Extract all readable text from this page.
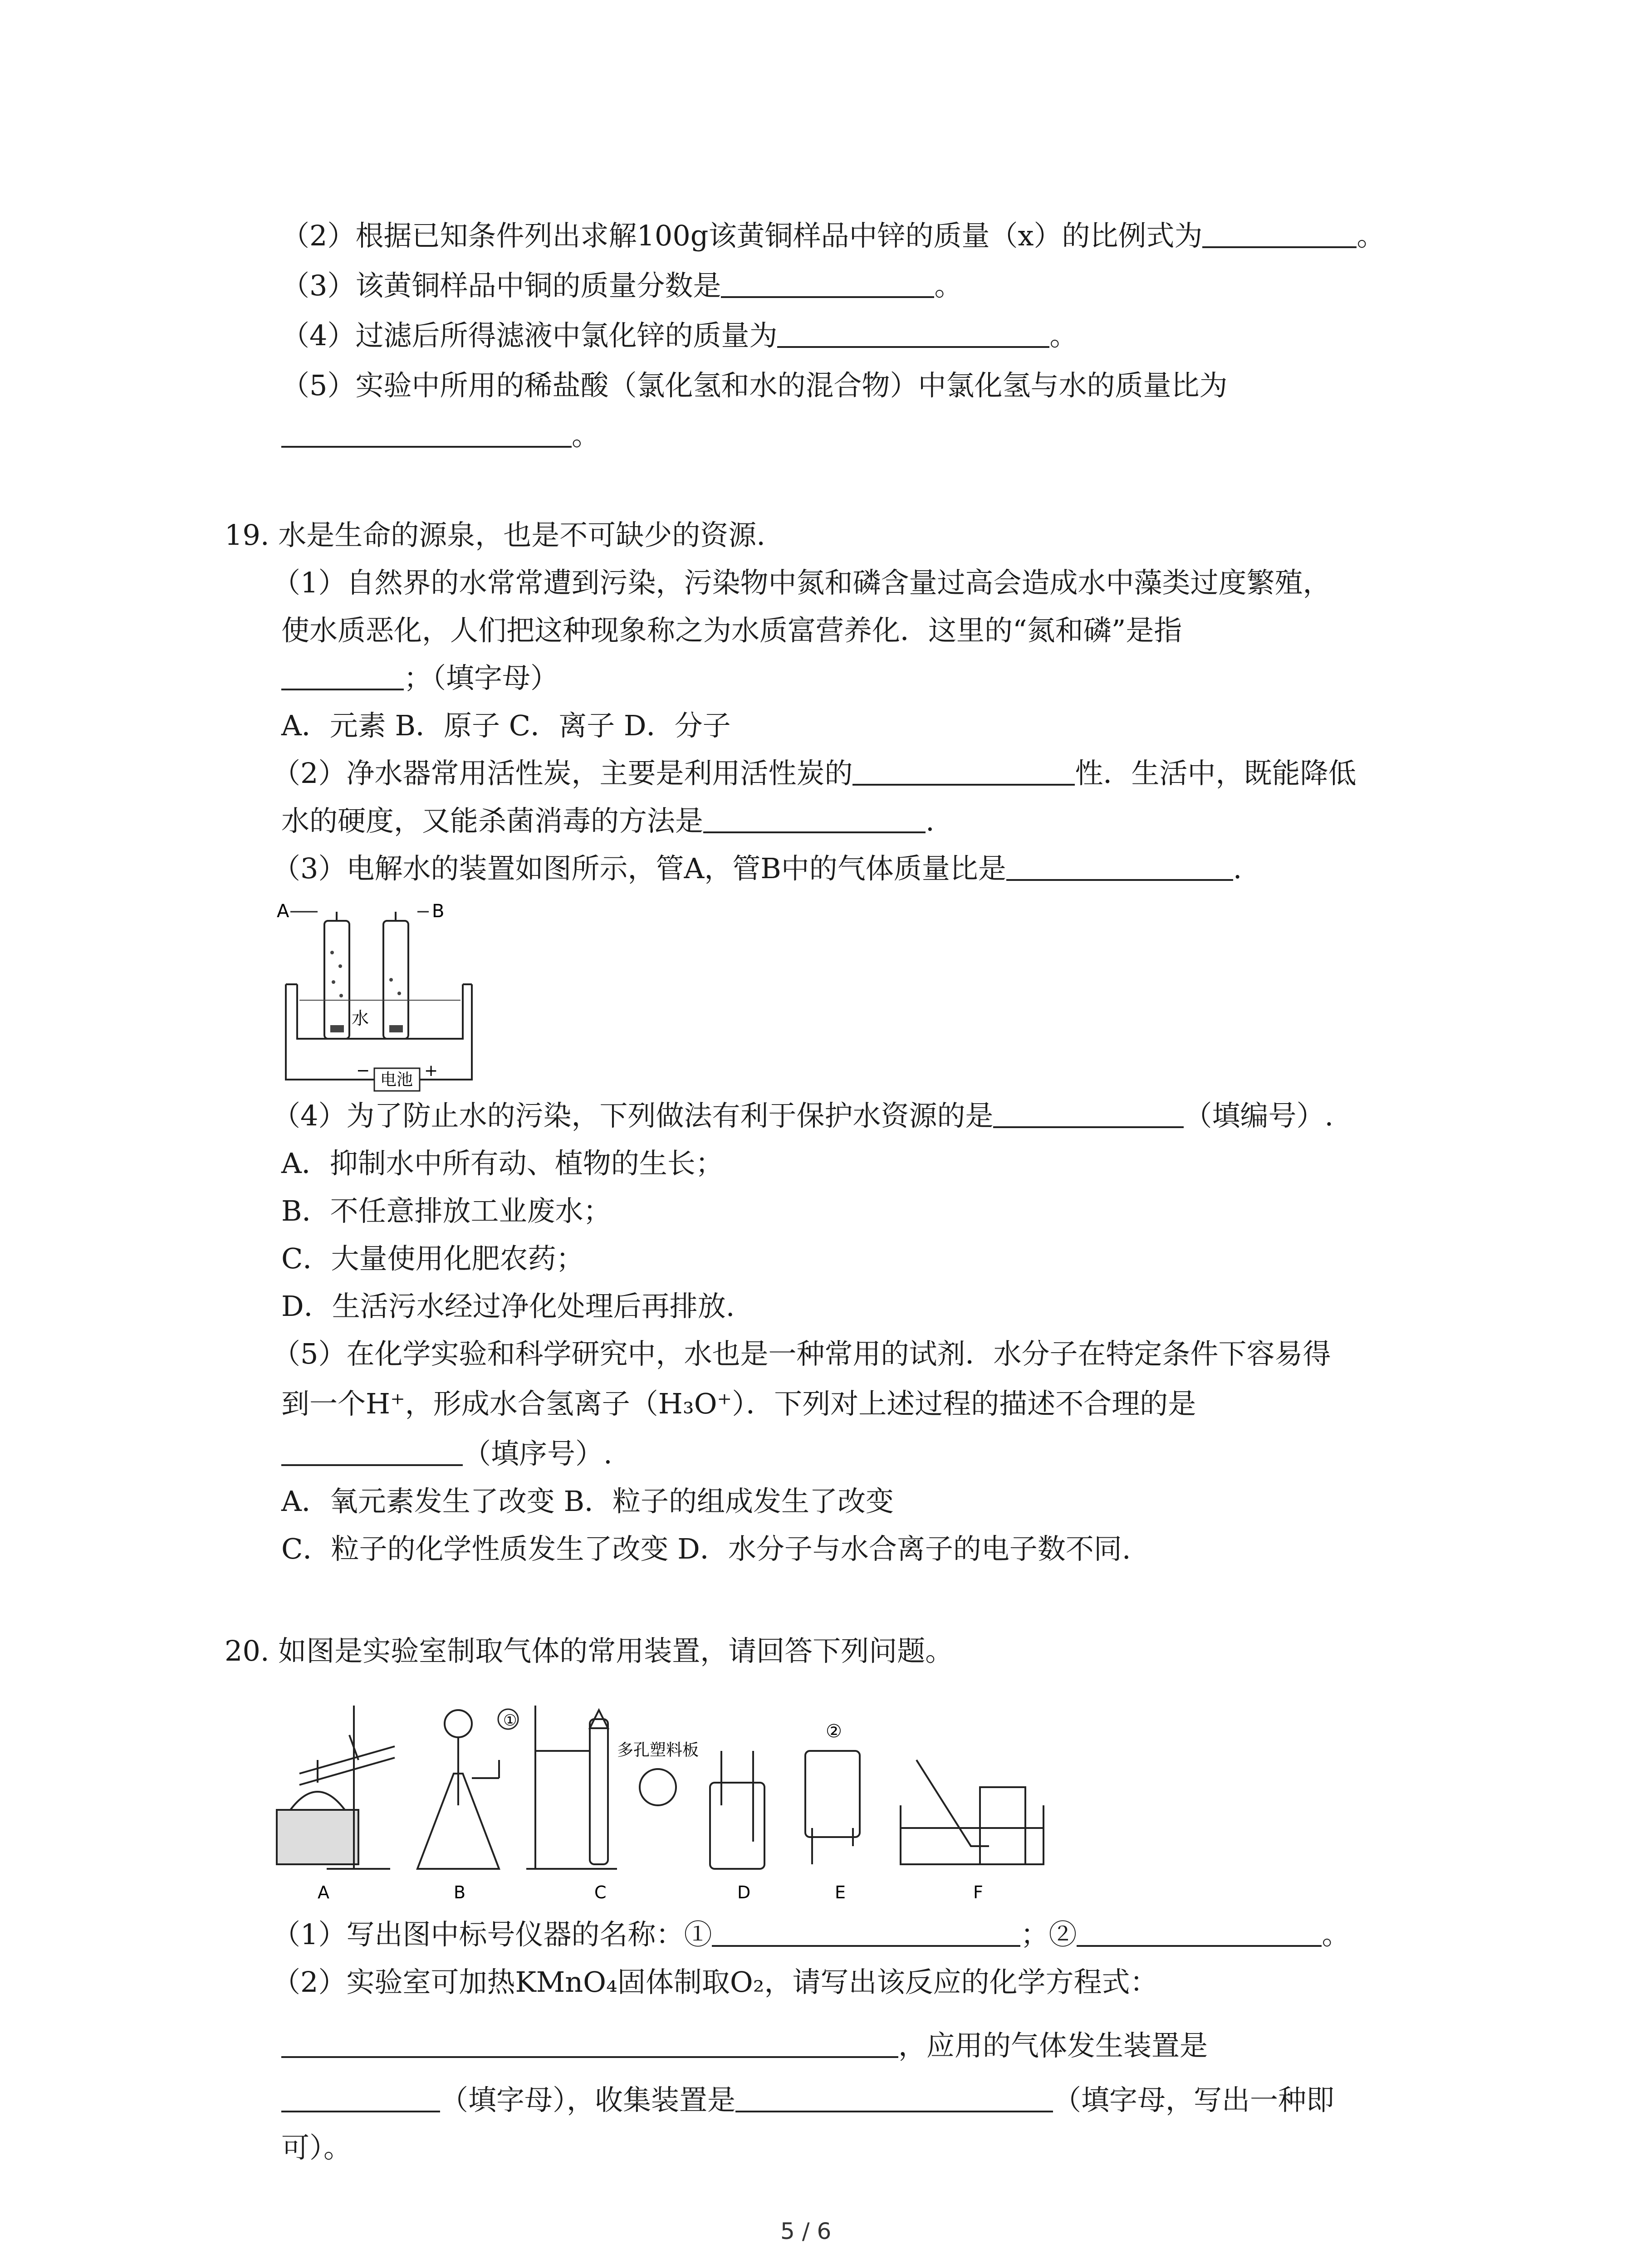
（2）根据已知条件列出求解100g该黄铜样品中锌的质量（x）的比例式为	。
（3）该黄铜样品中铜的质量分数是	。
（4）过滤后所得滤液中氯化锌的质量为	。
（5）实验中所用的稀盐酸（氯化氢和水的混合物）中氯化氢与水的质量比为
。
19. 水是生命的源泉，也是不可缺少的资源.
（1）自然界的水常常遭到污染，污染物中氮和磷含量过高会造成水中藻类过度繁殖，
使水质恶化，人们把这种现象称之为水质富营养化．这里的“氮和磷”是指
；（填字母）
A．元素 B．原子 C．离子 D．分子
（2）净水器常用活性炭，主要是利用活性炭的	性．生活中，既能降低
水的硬度，又能杀菌消毒的方法是	.
（3）电解水的装置如图所示，管A，管B中的气体质量比是	.
A	B
水
电池
−	+
（4）为了防止水的污染，下列做法有利于保护水资源的是	（填编号）.
A．抑制水中所有动、植物的生长；
B．不任意排放工业废水；
C．大量使用化肥农药；
D．生活污水经过净化处理后再排放.
（5）在化学实验和科学研究中，水也是一种常用的试剂．水分子在特定条件下容易得
到一个H⁺，形成水合氢离子（H₃O⁺）．下列对上述过程的描述不合理的是
（填序号）.
A．氧元素发生了改变 B．粒子的组成发生了改变
C．粒子的化学性质发生了改变 D．水分子与水合离子的电子数不同.
20. 如图是实验室制取气体的常用装置，请回答下列问题。
①
②
多孔塑料板
A	B	C	D	E	F
（1）写出图中标号仪器的名称：①	；②	。
（2）实验室可加热KMnO₄固体制取O₂，请写出该反应的化学方程式：
，应用的气体发生装置是
（填字母），收集装置是	（填字母，写出一种即
可）。
5 / 6
